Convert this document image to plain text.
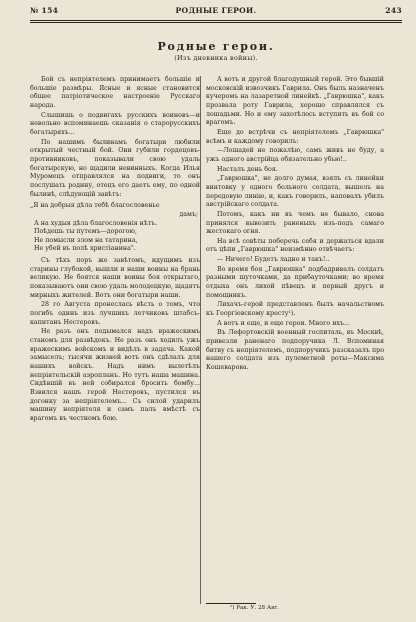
№ 154	РОДНЫЕ ГЕРОИ.	243
Родные герои.
(Изъ дневника войны).

Бой съ непріятелемъ принимаетъ большіе и большіе размѣры. Ясные и ясные становится общее патріотическое настроеніе Русскаго народа.

Слышишь о подвигахъ русскихъ воиновъ—и невольно вспоминаешь сказанія о старорусскихъ богатыряхъ...

По нашимъ былинамъ богатыри любили открытый честный бой. Они губили гордецовъ-противниковъ, показывали свою удаль богатырскую, но щадили невинныхъ. Когда Илья Муромецъ отправлялся на подвиги, то онъ послушать родину, отецъ его даетъ ему, по одной былинѣ, слѣдующій завѣтъ:

„Я на добрыя дѣла тебѣ благословенье
дамъ;
А на худыя дѣла благословенія нѣтъ.
Поѣдешь ты путемъ—дорогою,
Не помысли злом на татарина,
Не убей въ полѣ христіанина".

Съ тѣхъ поръ же завѣтомъ, идущимъ изъ старины глубокой, вышли и наши воины на брань великую. Не боятся наши воины боя открытаго, показываютъ они свою удаль молодецкую, щадятъ мирныхъ жителей. Вотъ они богатыри наши.

28 го Августа пронеслась вѣсть о томъ, что погибъ одинъ изъ лучшихъ летчиковъ штабсъ-капитанъ Нестеровъ.

Не разъ онъ подымался надъ вражескимъ станомъ для развѣдокъ. Не разъ онъ ходилъ ужъ вражескимъ войскомъ и видѣлъ в задача. Какой замыселъ; тысячи жизней вотъ онъ сдѣлалъ для нашихъ войскъ. Надъ нимъ вылетѣлъ непріятельскій аэропланъ. Но тутъ наша машина. Сидѣвшій въ ней собирался бросить бомбу... Взвился нашъ герой Нестеровъ, пустился въ догонку за непріятелемъ... Съ силой ударилъ машину непріятеля и самъ палъ вмѣстѣ съ врагомъ въ честномъ бою.

А вотъ и другой благодушный герой. Это бывшій московскій извозчикъ Гаврила. Онъ былъ назначенъ кучеромъ на лазаретной линейкѣ. „Гаврюшка", какъ прозвала роту Гаврила, хорошо справлялся съ лошадьми. Но и ему захотѣлось вступить въ бой со врагомъ.

Еще до встрѣчи съ непріятелемъ „Гаврюшка" всѣмъ и каждому говорилъ:

—Лошадей не пожалѣю, самъ живъ не буду, а ужъ одного австрійца обязательно убью!..

Насталъ день боя.

„Гаврюшка", не долго думая, взялъ съ линейки винтовку у одного больного солдата, вышелъ на передовую линію, и, какъ говорилъ, наповалъ убилъ австрійскаго солдата.

Потомъ, какъ ни въ чемъ не бывало, снова принялся вывозить раненыхъ изъ-подъ самаго жестокаго огня.

На всѣ совѣты поберечь себя и держаться вдали отъ цѣпи „Гаврюшка" неизмѣнно отвѣчаетъ:

— Ничего! Будетъ ладно и такъ!..

Во время боя „Гаврюшка" подбадривалъ солдатъ разными шуточками, да прибауточками; во время отдыха онъ лихой пѣвецъ и первый другъ и помощникъ.

Лихачъ-герой представленъ былъ начальствомъ къ Георгіевскому кресту¹).

А вотъ и еще, и еще герои. Много ихъ...

Въ Лефортовскій военный госпиталь, въ Москвѣ, привезли раненаго подпоручика Л. Вспоминая битву съ непріятелемъ, подпоручикъ разсказалъ про нашего солдата изъ пулеметной роты—Максима Кошеварова.

¹) Рак. У. 28 Авг.
